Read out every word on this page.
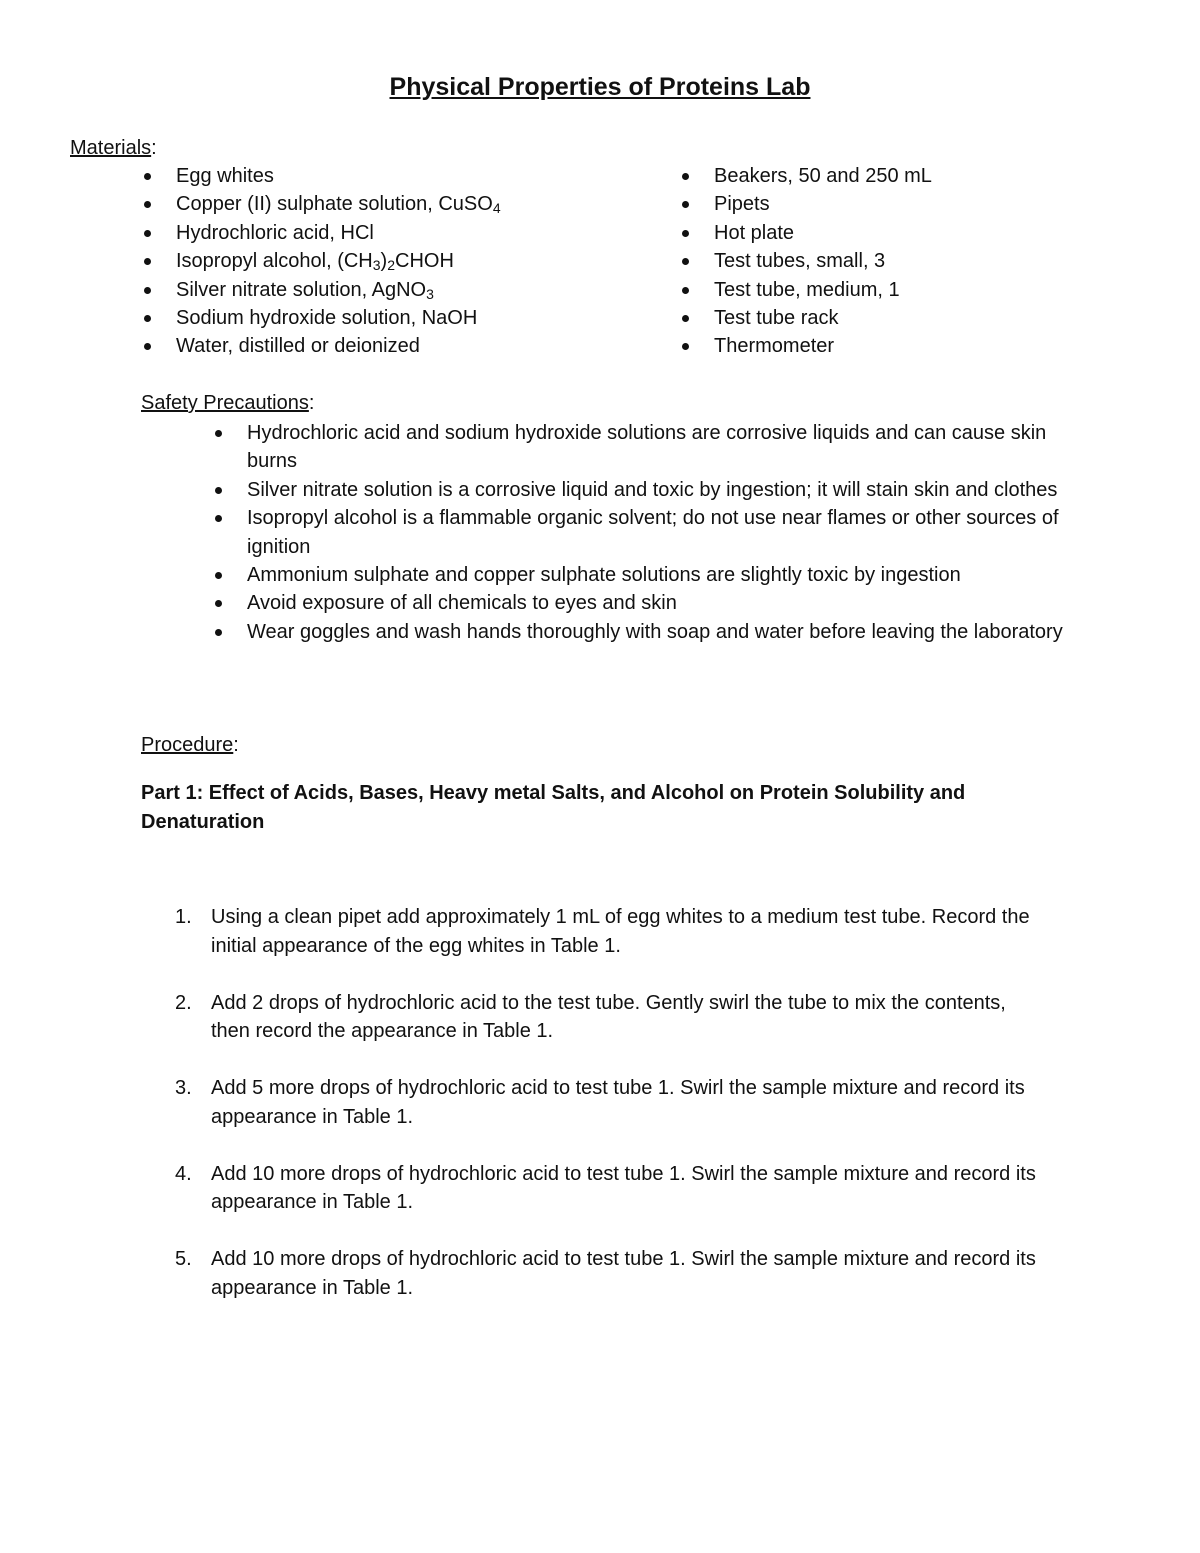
Physical Properties of Proteins Lab

Materials:

Egg whites
Copper (II) sulphate solution, CuSO$_4$
Hydrochloric acid, HCl
Isopropyl alcohol, $(CH_3)_2CHOH$
Silver nitrate solution, AgNO$_3$
Sodium hydroxide solution, NaOH
Water, distilled or deionized
Beakers, 50 and 250 mL
Pipets
Hot plate
Test tubes, small, 3
Test tube, medium, 1
Test tube rack
Thermometer

Safety Precautions:

Hydrochloric acid and sodium hydroxide solutions are corrosive liquids and can cause skin burns
Silver nitrate solution is a corrosive liquid and toxic by ingestion; it will stain skin and clothes
Isopropyl alcohol is a flammable organic solvent; do not use near flames or other sources of ignition
Ammonium sulphate and copper sulphate solutions are slightly toxic by ingestion
Avoid exposure of all chemicals to eyes and skin
Wear goggles and wash hands thoroughly with soap and water before leaving the laboratory

Procedure:

Part 1: Effect of Acids, Bases, Heavy metal Salts, and Alcohol on Protein Solubility and Denaturation

1. Using a clean pipet add approximately 1 mL of egg whites to a medium test tube. Record the initial appearance of the egg whites in Table 1.
2. Add 2 drops of hydrochloric acid to the test tube. Gently swirl the tube to mix the contents, then record the appearance in Table 1.
3. Add 5 more drops of hydrochloric acid to test tube 1. Swirl the sample mixture and record its appearance in Table 1.
4. Add 10 more drops of hydrochloric acid to test tube 1. Swirl the sample mixture and record its appearance in Table 1.
5. Add 10 more drops of hydrochloric acid to test tube 1. Swirl the sample mixture and record its appearance in Table 1.
